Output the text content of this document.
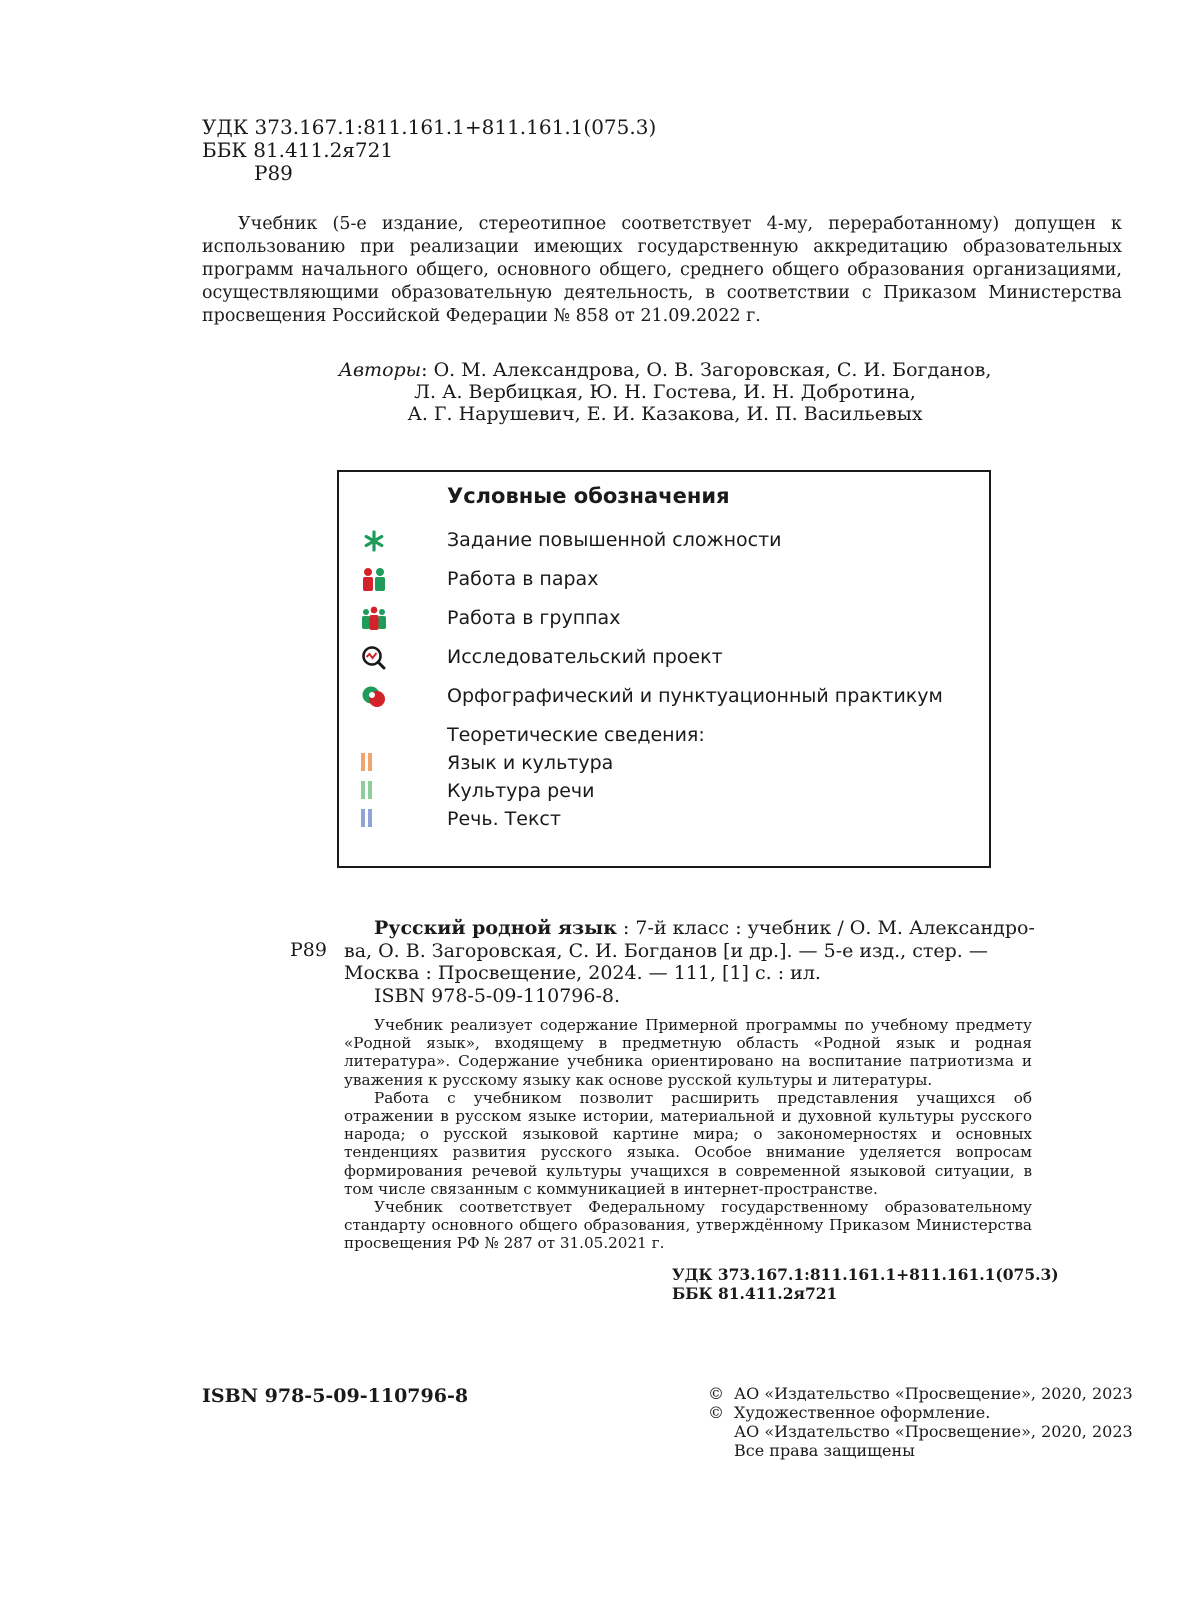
УДК 373.167.1:811.161.1+811.161.1(075.3)
ББК 81.411.2я721
Р89
Учебник (5-е издание, стереотипное соответствует 4-му, переработанному) допущен к использованию при реализации имеющих государственную аккредитацию образовательных программ начального общего, основного общего, среднего общего образования организациями, осуществляющими образовательную деятельность, в соответствии с Приказом Министерства просвещения Российской Федерации № 858 от 21.09.2022 г.
Авторы: О. М. Александрова, О. В. Загоровская, С. И. Богданов,
Л. А. Вербицкая, Ю. Н. Гостева, И. Н. Добротина,
А. Г. Нарушевич, Е. И. Казакова, И. П. Васильевых
Условные обозначения
Задание повышенной сложности
Работа в парах
Работа в группах
Исследовательский проект
Орфографический и пунктуационный практикум
Теоретические сведения:
Язык и культура
Культура речи
Речь. Текст
Р89
Русский родной язык : 7-й класс : учебник / О. М. Александро-
ва, О. В. Загоровская, С. И. Богданов [и др.]. — 5-е изд., стер. —
Москва : Просвещение, 2024. — 111, [1] с. : ил.
ISBN 978-5-09-110796-8.

Учебник реализует содержание Примерной программы по учебному предмету «Родной язык», входящему в предметную область «Родной язык и родная литература». Содержание учебника ориентировано на воспитание патриотизма и уважения к русскому языку как основе русской культуры и литературы.

Работа с учебником позволит расширить представления учащихся об отражении в русском языке истории, материальной и духовной культуры русского народа; о русской языковой картине мира; о закономерностях и основных тенденциях развития русского языка. Особое внимание уделяется вопросам формирования речевой культуры учащихся в современной языковой ситуации, в том числе связанным с коммуникацией в интернет-пространстве.

Учебник соответствует Федеральному государственному образовательному стандарту основного общего образования, утверждённому Приказом Министерства просвещения РФ № 287 от 31.05.2021 г.

УДК 373.167.1:811.161.1+811.161.1(075.3)
ББК 81.411.2я721
ISBN 978-5-09-110796-8	© АО «Издательство «Просвещение», 2020, 2023
© Художественное оформление.
АО «Издательство «Просвещение», 2020, 2023
Все права защищены
